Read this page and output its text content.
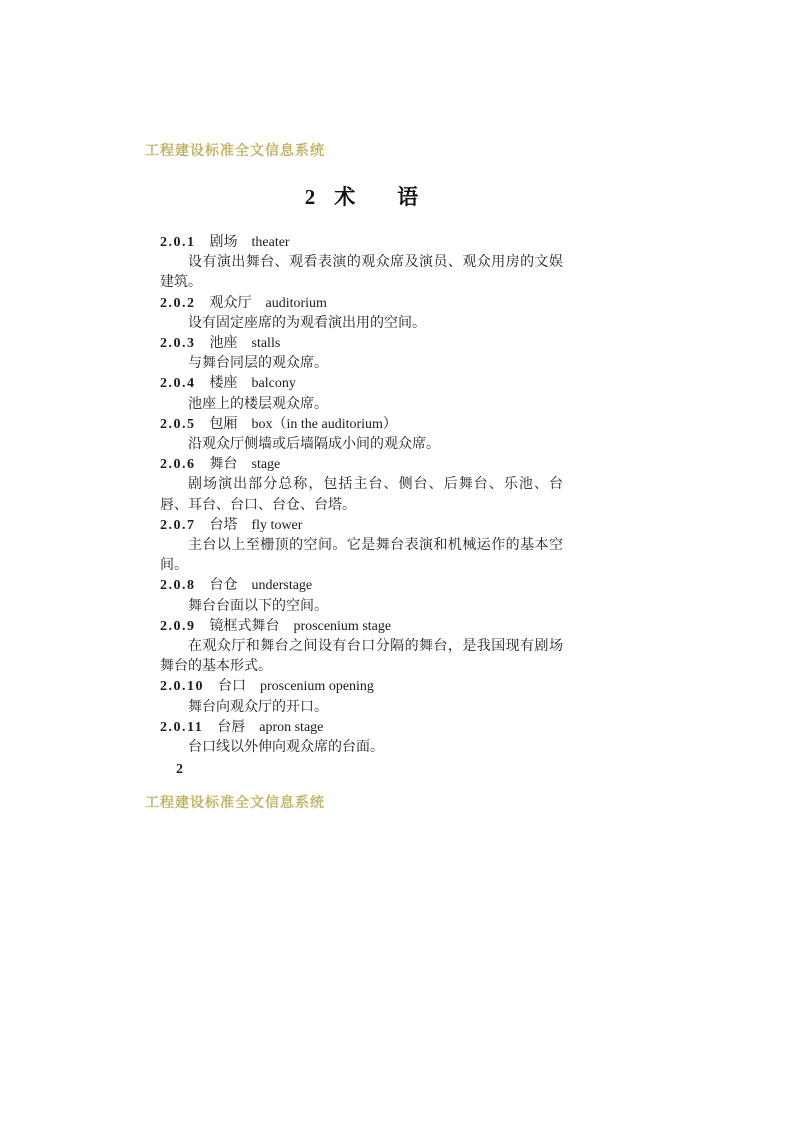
工程建设标准全文信息系统
2 术　　语
2.0.1 剧场 theater

设有演出舞台、观看表演的观众席及演员、观众用房的文娱建筑。

2.0.2 观众厅 auditorium

设有固定座席的为观看演出用的空间。

2.0.3 池座 stalls

与舞台同层的观众席。

2.0.4 楼座 balcony

池座上的楼层观众席。

2.0.5 包厢 box（in the auditorium）

沿观众厅侧墙或后墙隔成小间的观众席。

2.0.6 舞台 stage

剧场演出部分总称，包括主台、侧台、后舞台、乐池、台唇、耳台、台口、台仓、台塔。

2.0.7 台塔 fly tower

主台以上至栅顶的空间。它是舞台表演和机械运作的基本空间。

2.0.8 台仓 understage

舞台台面以下的空间。

2.0.9 镜框式舞台 proscenium stage

在观众厅和舞台之间设有台口分隔的舞台，是我国现有剧场舞台的基本形式。

2.0.10 台口 proscenium opening

舞台向观众厅的开口。

2.0.11 台唇 apron stage

台口线以外伸向观众席的台面。

2
工程建设标准全文信息系统
